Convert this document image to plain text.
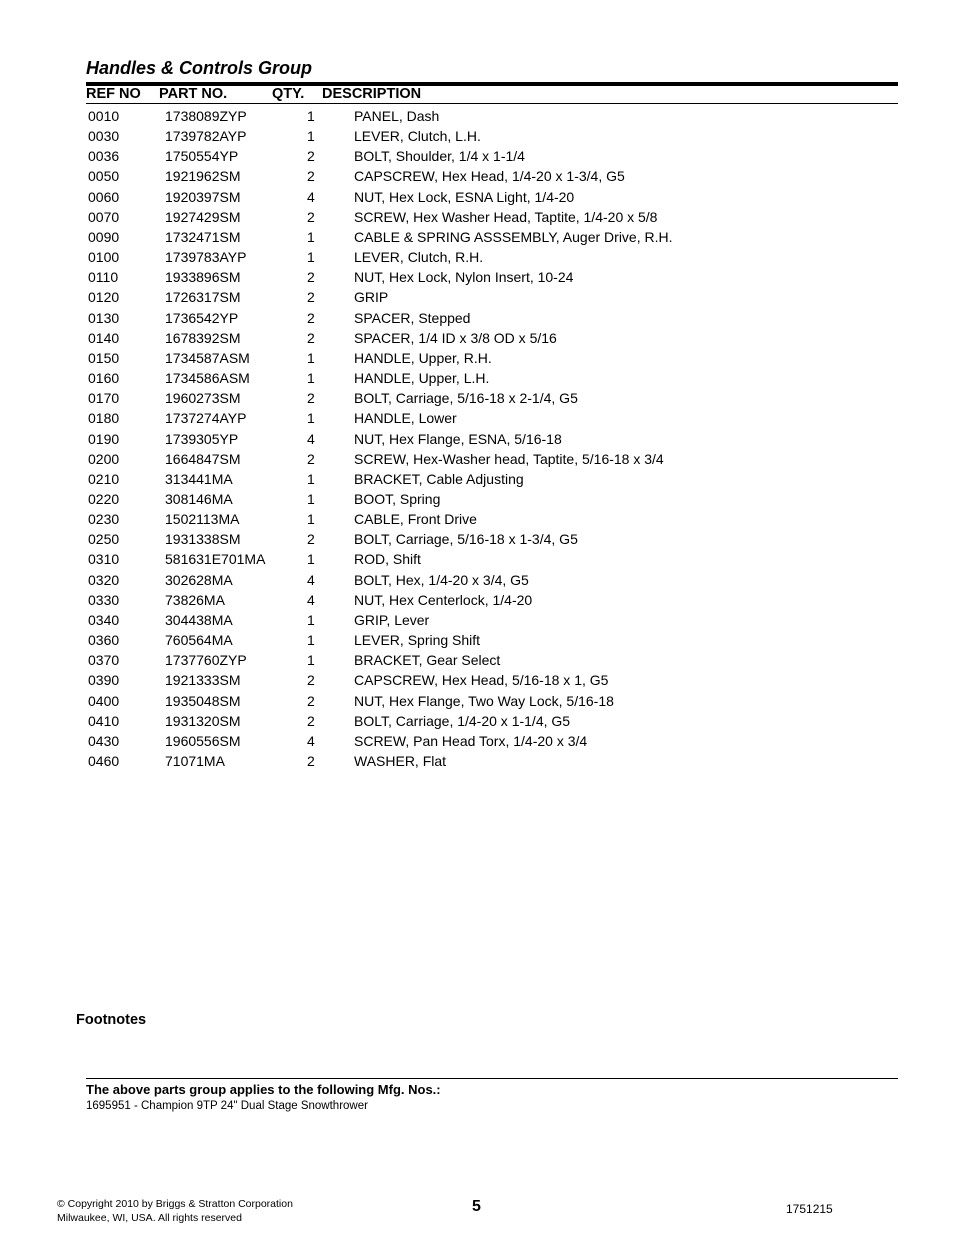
Handles & Controls Group
REF NO PART NO.	QTY. DESCRIPTION
0010	1738089ZYP	1	PANEL, Dash
0030	1739782AYP	1	LEVER, Clutch, L.H.
0036	1750554YP	2	BOLT, Shoulder, 1/4 x 1-1/4
0050	1921962SM	2	CAPSCREW, Hex Head, 1/4-20 x 1-3/4, G5
0060	1920397SM	4	NUT, Hex Lock, ESNA Light, 1/4-20
0070	1927429SM	2	SCREW, Hex Washer Head, Taptite, 1/4-20 x 5/8
0090	1732471SM	1	CABLE & SPRING ASSSEMBLY, Auger Drive, R.H.
0100	1739783AYP	1	LEVER, Clutch, R.H.
0110	1933896SM	2	NUT, Hex Lock, Nylon Insert, 10-24
0120	1726317SM	2	GRIP
0130	1736542YP	2	SPACER, Stepped
0140	1678392SM	2	SPACER, 1/4 ID x 3/8 OD x 5/16
0150	1734587ASM	1	HANDLE, Upper, R.H.
0160	1734586ASM	1	HANDLE, Upper, L.H.
0170	1960273SM	2	BOLT, Carriage, 5/16-18 x 2-1/4, G5
0180	1737274AYP	1	HANDLE, Lower
0190	1739305YP	4	NUT, Hex Flange, ESNA, 5/16-18
0200	1664847SM	2	SCREW, Hex-Washer head, Taptite, 5/16-18 x 3/4
0210	313441MA	1	BRACKET, Cable Adjusting
0220	308146MA	1	BOOT, Spring
0230	1502113MA	1	CABLE, Front Drive
0250	1931338SM	2	BOLT, Carriage, 5/16-18 x 1-3/4, G5
0310	581631E701MA	1	ROD, Shift
0320	302628MA	4	BOLT, Hex, 1/4-20 x 3/4, G5
0330	73826MA	4	NUT, Hex Centerlock, 1/4-20
0340	304438MA	1	GRIP, Lever
0360	760564MA	1	LEVER, Spring Shift
0370	1737760ZYP	1	BRACKET, Gear Select
0390	1921333SM	2	CAPSCREW, Hex Head, 5/16-18 x 1, G5
0400	1935048SM	2	NUT, Hex Flange, Two Way Lock, 5/16-18
0410	1931320SM	2	BOLT, Carriage, 1/4-20 x 1-1/4, G5
0430	1960556SM	4	SCREW, Pan Head Torx, 1/4-20 x 3/4
0460	71071MA	2	WASHER, Flat
Footnotes
The above parts group applies to the following Mfg. Nos.:
1695951 - Champion 9TP 24" Dual Stage Snowthrower
© Copyright 2010 by Briggs & Stratton Corporation
Milwaukee, WI, USA. All rights reserved
5	1751215
